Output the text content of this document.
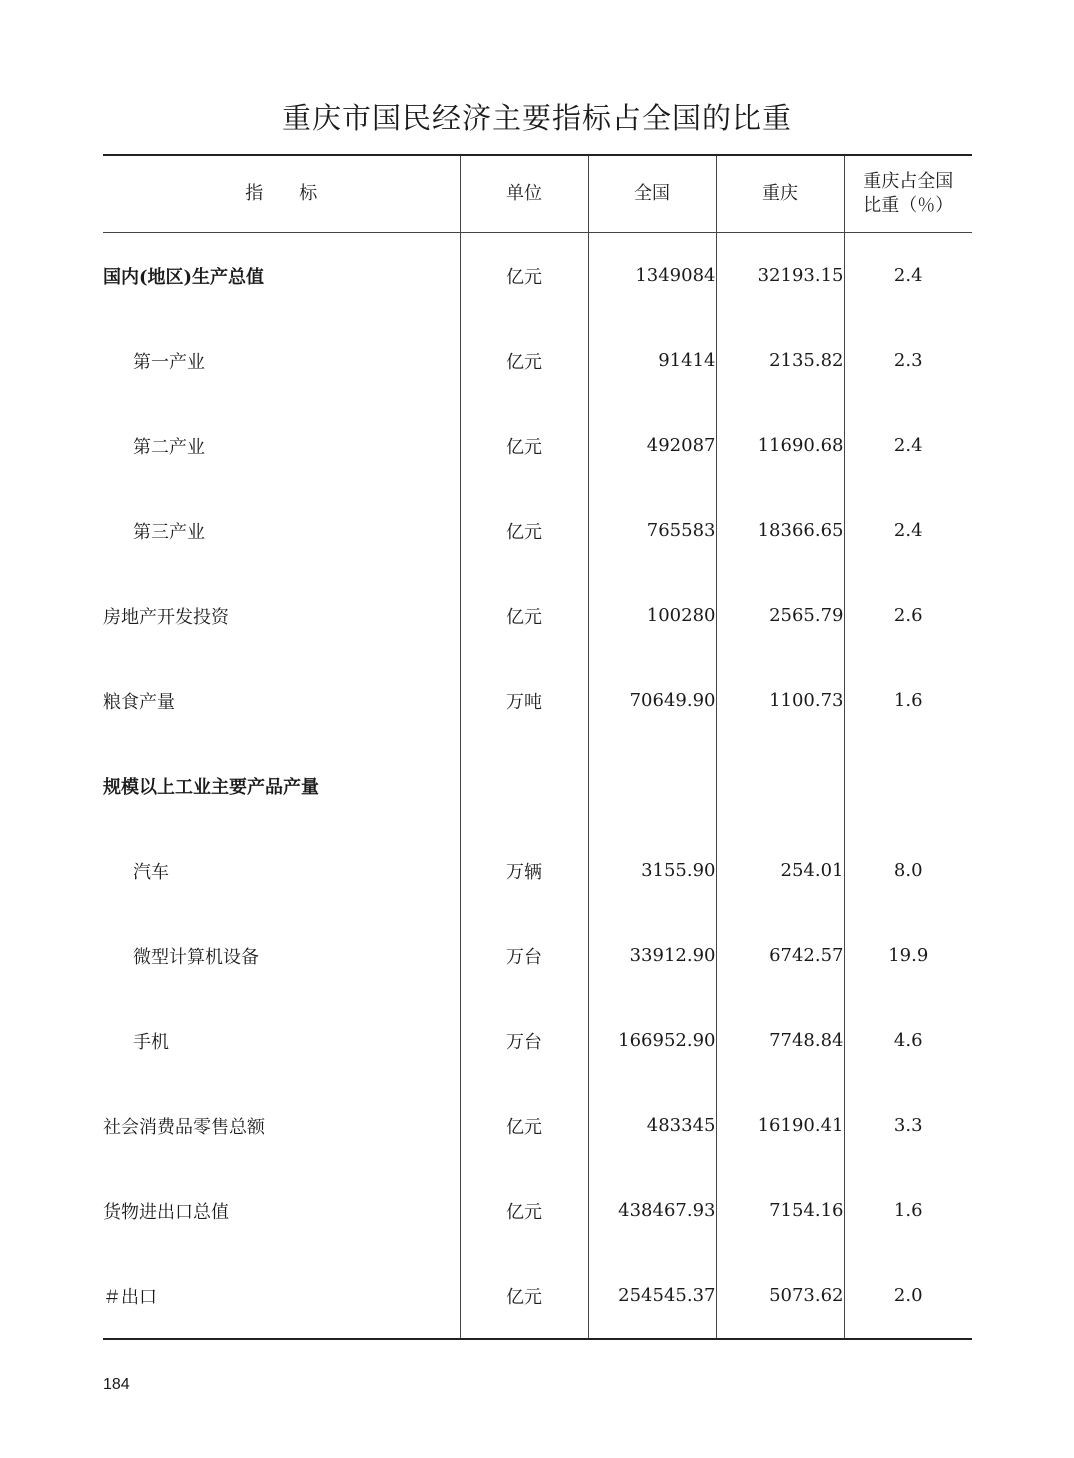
重庆市国民经济主要指标占全国的比重
指　　标	单位	全国	重庆	重庆占全国
比重（％）
国内(地区)生产总值	亿元	1349084	32193.15	2.4
第一产业	亿元	91414	2135.82	2.3
第二产业	亿元	492087	11690.68	2.4
第三产业	亿元	765583	18366.65	2.4
房地产开发投资	亿元	100280	2565.79	2.6
粮食产量	万吨	70649.90	1100.73	1.6
规模以上工业主要产品产量				
汽车	万辆	3155.90	254.01	8.0
微型计算机设备	万台	33912.90	6742.57	19.9
手机	万台	166952.90	7748.84	4.6
社会消费品零售总额	亿元	483345	16190.41	3.3
货物进出口总值	亿元	438467.93	7154.16	1.6
＃出口	亿元	254545.37	5073.62	2.0
184
